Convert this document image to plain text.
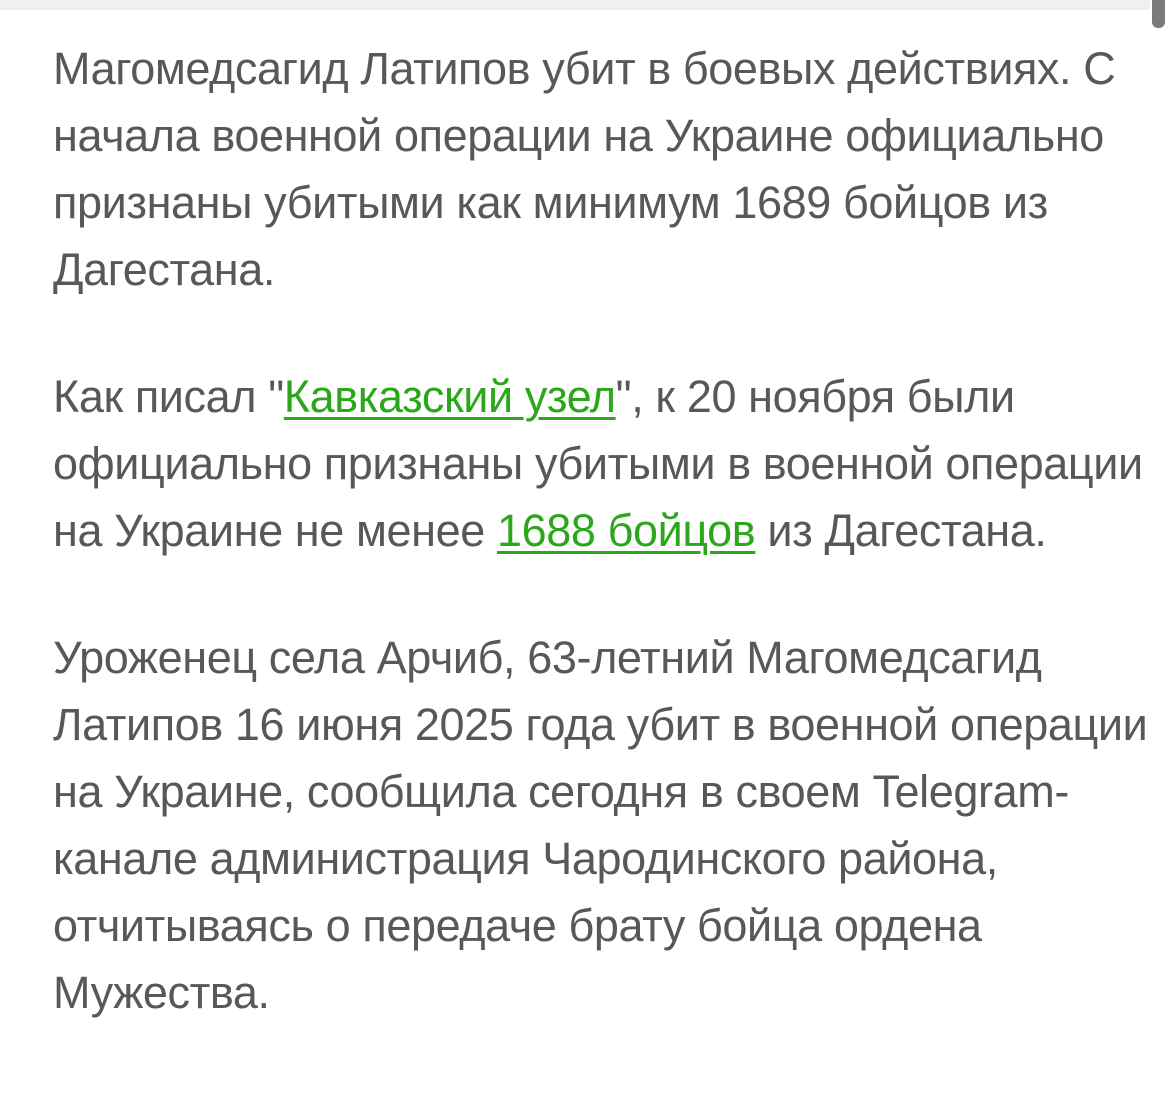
Магомедсагид Латипов убит в боевых действиях. С
начала военной операции на Украине официально
признаны убитыми как минимум 1689 бойцов из
Дагестана.

Как писал "Кавказский узел", к 20 ноября были
официально признаны убитыми в военной операции
на Украине не менее 1688 бойцов из Дагестана.

Уроженец села Арчиб, 63-летний Магомедсагид
Латипов 16 июня 2025 года убит в военной операции
на Украине, сообщила сегодня в своем Telegram-
канале администрация Чародинского района,
отчитываясь о передаче брату бойца ордена
Мужества.
